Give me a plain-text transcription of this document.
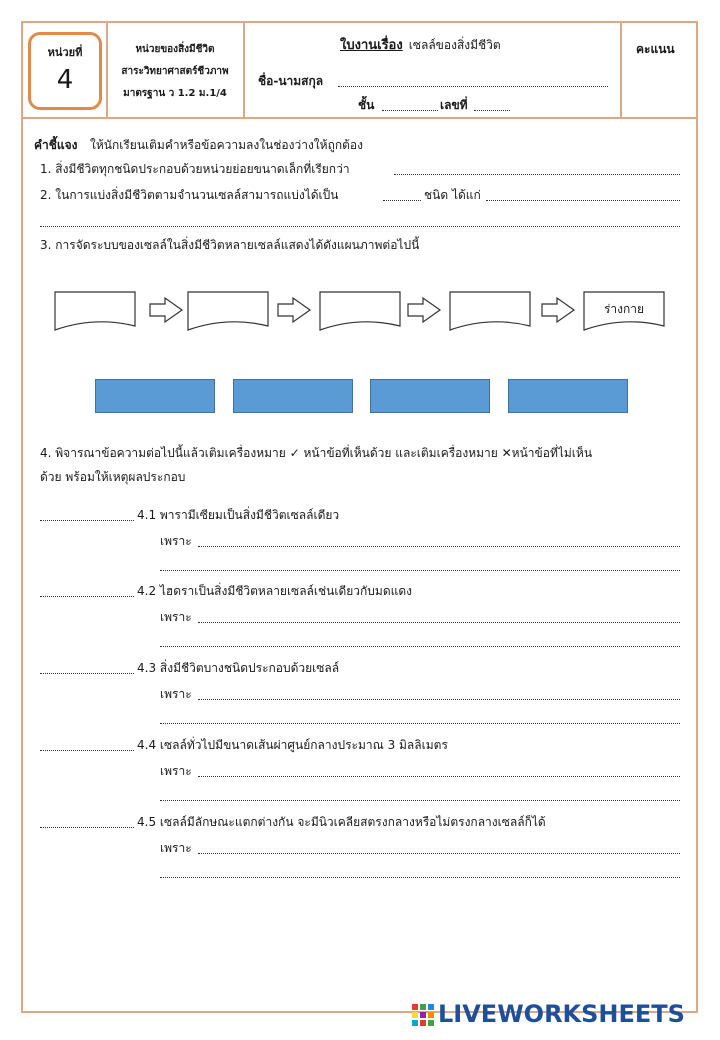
หน่วยที่
4
หน่วยของสิ่งมีชีวิต
สาระวิทยาศาสตร์ชีวภาพ
มาตรฐาน ว 1.2 ม.1/4
ใบงานเรื่อง เซลล์ของสิ่งมีชีวิต
ชื่อ-นามสกุล
ชั้น	เลขที่
คะแนน
คำชี้แจง ให้นักเรียนเติมคำหรือข้อความลงในช่องว่างให้ถูกต้อง
1. สิ่งมีชีวิตทุกชนิดประกอบด้วยหน่วยย่อยขนาดเล็กที่เรียกว่า
2. ในการแบ่งสิ่งมีชีวิตตามจำนวนเซลล์สามารถแบ่งได้เป็น	ชนิด ได้แก่
3. การจัดระบบของเซลล์ในสิ่งมีชีวิตหลายเซลล์แสดงได้ดังแผนภาพต่อไปนี้
ร่างกาย
4. พิจารณาข้อความต่อไปนี้แล้วเติมเครื่องหมาย ✓ หน้าข้อที่เห็นด้วย และเติมเครื่องหมาย ✕หน้าข้อที่ไม่เห็น
ด้วย พร้อมให้เหตุผลประกอบ
4.1 พารามีเซียมเป็นสิ่งมีชีวิตเซลล์เดียว
เพราะ
4.2 ไฮดราเป็นสิ่งมีชีวิตหลายเซลล์เช่นเดียวกับมดแดง
เพราะ
4.3 สิ่งมีชีวิตบางชนิดประกอบด้วยเซลล์
เพราะ
4.4 เซลล์ทั่วไปมีขนาดเส้นผ่าศูนย์กลางประมาณ 3 มิลลิเมตร
เพราะ
4.5 เซลล์มีลักษณะแตกต่างกัน จะมีนิวเคลียสตรงกลางหรือไม่ตรงกลางเซลล์ก็ได้
เพราะ
LIVEWORKSHEETS
